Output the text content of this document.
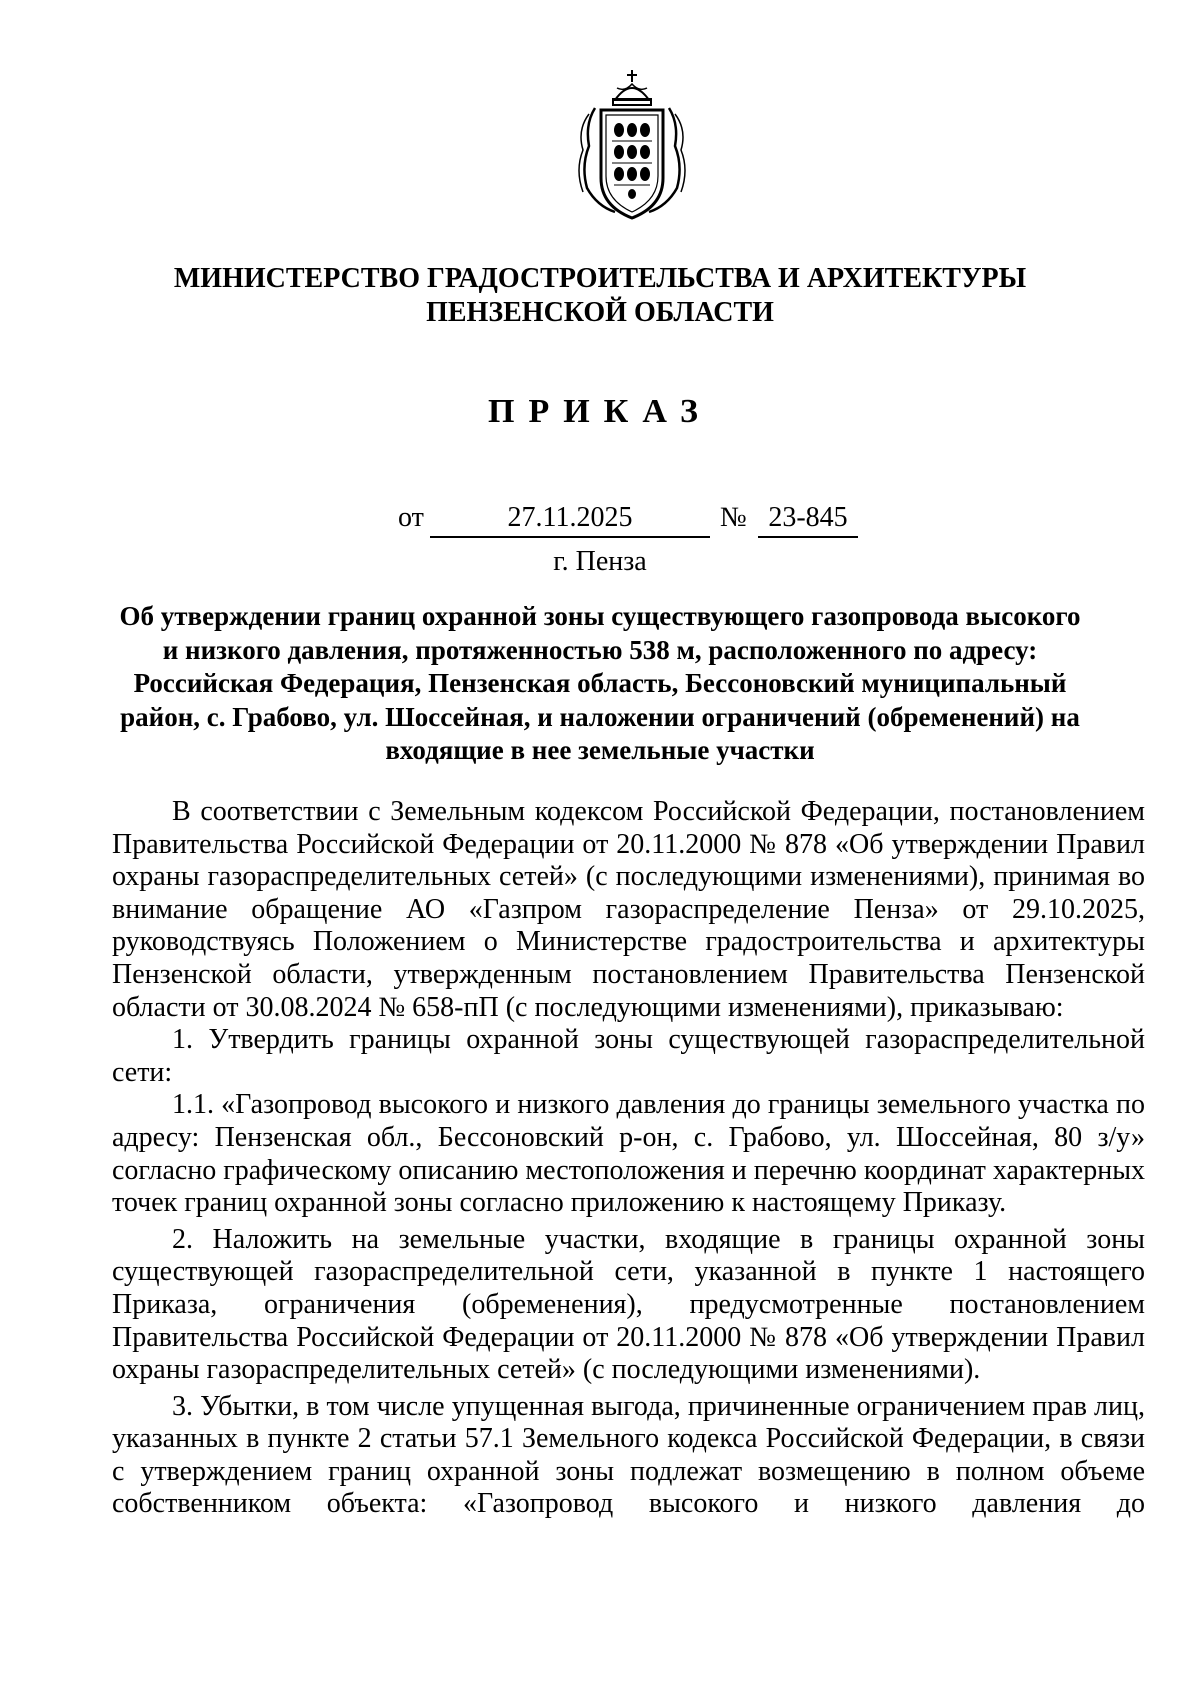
МИНИСТЕРСТВО ГРАДОСТРОИТЕЛЬСТВА И АРХИТЕКТУРЫ
ПЕНЗЕНСКОЙ ОБЛАСТИ
ПРИКАЗ
от	27.11.2025	№ 23-845
г. Пенза

Об утверждении границ охранной зоны существующего газопровода высокого и низкого давления, протяженностью 538 м, расположенного по адресу: Российская Федерация, Пензенская область, Бессоновский муниципальный район, с. Грабово, ул. Шоссейная, и наложении ограничений (обременений) на входящие в нее земельные участки

В соответствии с Земельным кодексом Российской Федерации, постановлением Правительства Российской Федерации от 20.11.2000 № 878 «Об утверждении Правил охраны газораспределительных сетей» (с последующими изменениями), принимая во внимание обращение АО «Газпром газораспределение Пенза» от 29.10.2025, руководствуясь Положением о Министерстве градостроительства и архитектуры Пензенской области, утвержденным постановлением Правительства Пензенской области от 30.08.2024 № 658-пП (с последующими изменениями), приказываю:

1. Утвердить границы охранной зоны существующей газораспределительной сети:

1.1. «Газопровод высокого и низкого давления до границы земельного участка по адресу: Пензенская обл., Бессоновский р-он, с. Грабово, ул. Шоссейная, 80 з/у» согласно графическому описанию местоположения и перечню координат характерных точек границ охранной зоны согласно приложению к настоящему Приказу.

2. Наложить на земельные участки, входящие в границы охранной зоны существующей газораспределительной сети, указанной в пункте 1 настоящего Приказа, ограничения (обременения), предусмотренные постановлением Правительства Российской Федерации от 20.11.2000 № 878 «Об утверждении Правил охраны газораспределительных сетей» (с последующими изменениями).

3. Убытки, в том числе упущенная выгода, причиненные ограничением прав лиц, указанных в пункте 2 статьи 57.1 Земельного кодекса Российской Федерации, в связи с утверждением границ охранной зоны подлежат возмещению в полном объеме собственником объекта: «Газопровод высокого и низкого давления до
